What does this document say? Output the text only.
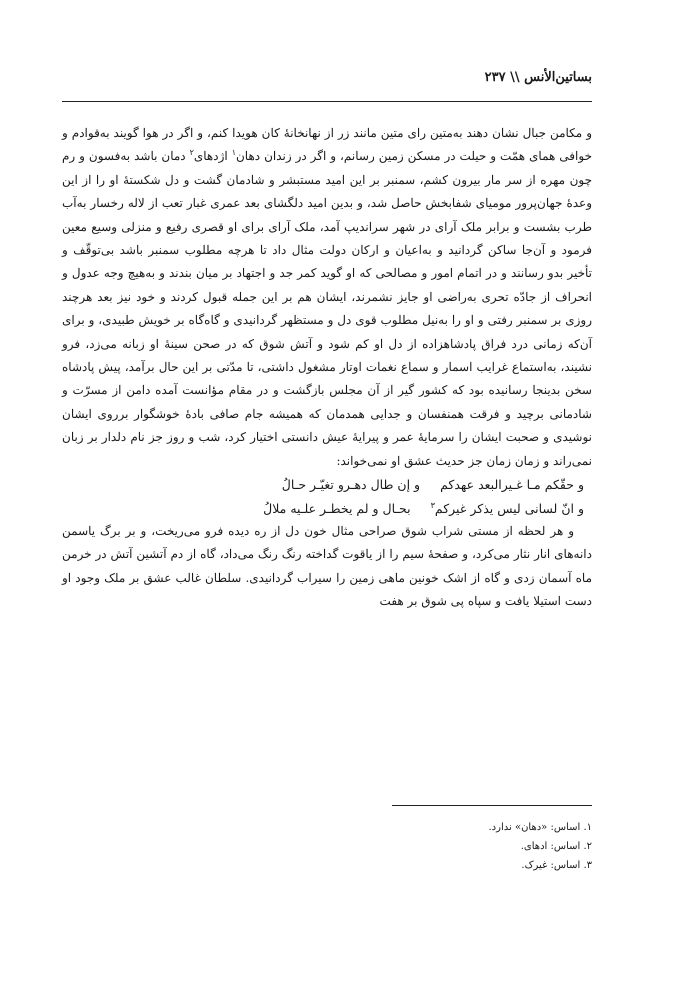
بساتين‌الأنس \\ ۲۳۷

و مکامن جبال نشان دهند به‌متین رای متین مانند زر از نهانخانهٔ کان هویدا کنم، و اگر در هوا گویند به‌قوادم و خوافی همای همّت و حیلت در مسکن زمین رسانم، و اگر در زندان دهان$^۱$ اژدهای$^۲$ دمان باشد به‌فسون و رم چون مهره از سر مار بیرون کشم، سمنبر بر این امید مستبشر و شادمان گشت و دل شکستهٔ او را از این وعدهٔ جهان‌پرور مومیای شفابخش حاصل شد، و بدین امید دلگشای بعد عمری غبار تعب از لاله رخسار به‌آب طرب بشست و برابر ملک آرای در شهر سراندیپ آمد، ملک آرای برای او قصری رفیع و منزلی وسیع معین فرمود و آن‌جا ساکن گردانید و به‌اعیان و ارکان دولت مثال داد تا هرچه مطلوب سمنبر باشد بی‌توقّف و تأخیر بدو رسانند و در اتمام امور و مصالحی که او گوید کمر جد و اجتهاد بر میان بندند و به‌هیچ وجه عدول و انحراف از جادّه تحری به‌راضی او جایز نشمرند، ایشان هم بر این جمله قبول کردند و خود نیز بعد هرچند روزی بر سمنبر رفتی و او را به‌نیل مطلوب قوی دل و مستظهر گردانیدی و گاه‌گاه بر خویش طبیدی، و برای آن‌که زمانی درد فراق پادشاهزاده از دل او کم شود و آتش شوق که در صحن سینهٔ او زبانه می‌زد، فرو نشیند، به‌استماع غرایب اسمار و سماع نغمات اوتار مشغول داشتی، تا مدّتی بر این حال برآمد، پیش پادشاه سخن بدینجا رسانیده بود که کشور گیر از آن مجلس بازگشت و در مقام مؤانست آمده دامن از مسرّت و شادمانی برچید و فرقت همنفسان و جدایی همدمان که همیشه جام صافی بادهٔ خوشگوار برروی ایشان نوشیدی و صحبت ایشان را سرمایهٔ عمر و پیرایهٔ عیش دانستی اختیار کرد، شب و روز جز نام دلدار بر زبان نمی‌راند و زمان زمان جز حدیث عشق او نمی‌خواند:

و حقّکم مـا غـیرالبعد عهدکم و إن طال دهـرو تغیّـر حـالُ
و انّ لسانی لیس یذکر غیرکم$^۳$ بحـال و لم یخطـر علـیه ملالُ

و هر لحظه از مستی شراب شوق صراحی مثال خون دل از ره دیده فرو می‌ریخت، و بر برگ یاسمن دانه‌های انار نثار می‌کرد، و صفحهٔ سیم را از یاقوت گداخته رنگ رنگ می‌داد، گاه از دم آتشین آتش در خرمن ماه آسمان زدی و گاه از اشک خونین ماهی زمین را سیراب گردانیدی. سلطان غالب عشق بر ملک وجود او دست استیلا یافت و سپاه پی شوق بر هفت

۱. اساس: «دهان» ندارد.
۲. اساس: ادهای.
۳. اساس: غیرک.
